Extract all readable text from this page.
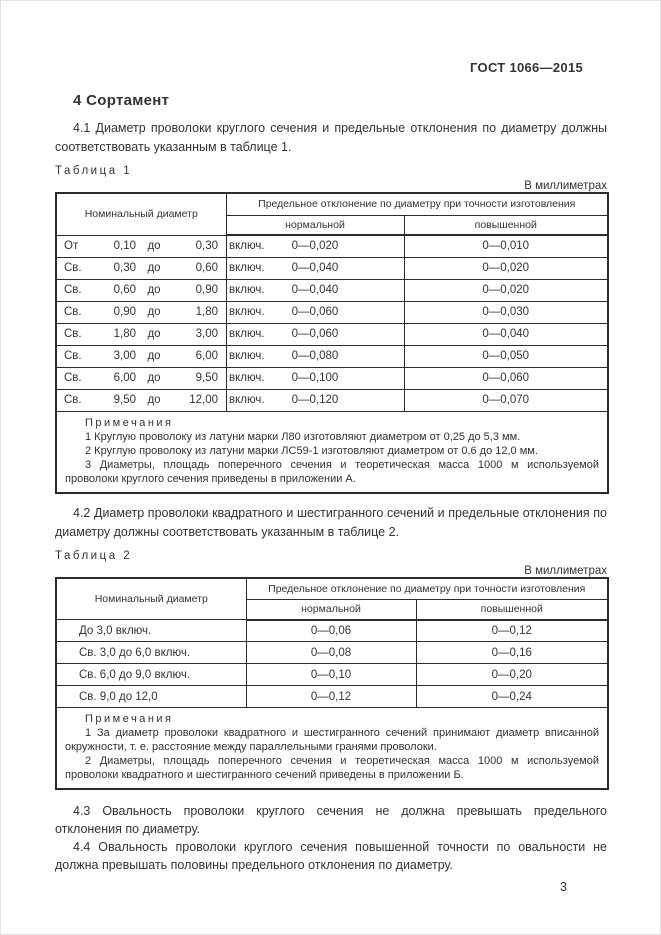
ГОСТ 1066—2015
4 Сортамент

4.1 Диаметр проволоки круглого сечения и предельные отклонения по диаметру должны соответствовать указанным в таблице 1.

Таблица 1
В миллиметрах
Номинальный диаметр	Предельное отклонение по диаметру при точности изготовления	
	нормальной	повышенной
От 0,10 до 0,30 включ.	0—0,020	0—0,010
Св. 0,30 до 0,60 включ.	0—0,040	0—0,020
Св. 0,60 до 0,90 включ.	0—0,040	0—0,020
Св. 0,90 до 1,80 включ.	0—0,060	0—0,030
Св. 1,80 до 3,00 включ.	0—0,060	0—0,040
Св. 3,00 до 6,00 включ.	0—0,080	0—0,050
Св. 6,00 до 9,50 включ.	0—0,100	0—0,060
Св. 9,50 до 12,00 включ.	0—0,120	0—0,070

Примечания

1 Круглую проволоку из латуни марки Л80 изготовляют диаметром от 0,25 до 5,3 мм.

2 Круглую проволоку из латуни марки ЛС59-1 изготовляют диаметром от 0,6 до 12,0 мм.

3 Диаметры, площадь поперечного сечения и теоретическая масса 1000 м используемой проволоки круглого сечения приведены в приложении А.		

4.2 Диаметр проволоки квадратного и шестигранного сечений и предельные отклонения по диаметру должны соответствовать указанным в таблице 2.

Таблица 2
В миллиметрах
Номинальный диаметр	Предельное отклонение по диаметру при точности изготовления	
	нормальной	повышенной
До 3,0 включ.	0—0,06	0—0,12
Св. 3,0 до 6,0 включ.	0—0,08	0—0,16
Св. 6,0 до 9,0 включ.	0—0,10	0—0,20
Св. 9,0 до 12,0	0—0,12	0—0,24

Примечания

1 За диаметр проволоки квадратного и шестигранного сечений принимают диаметр вписанной окружности, т. е. расстояние между параллельными гранями проволоки.

2 Диаметры, площадь поперечного сечения и теоретическая масса 1000 м используемой проволоки квадратного и шестигранного сечений приведены в приложении Б.		

4.3 Овальность проволоки круглого сечения не должна превышать предельного отклонения по диаметру.

4.4 Овальность проволоки круглого сечения повышенной точности по овальности не должна превышать половины предельного отклонения по диаметру.

3
